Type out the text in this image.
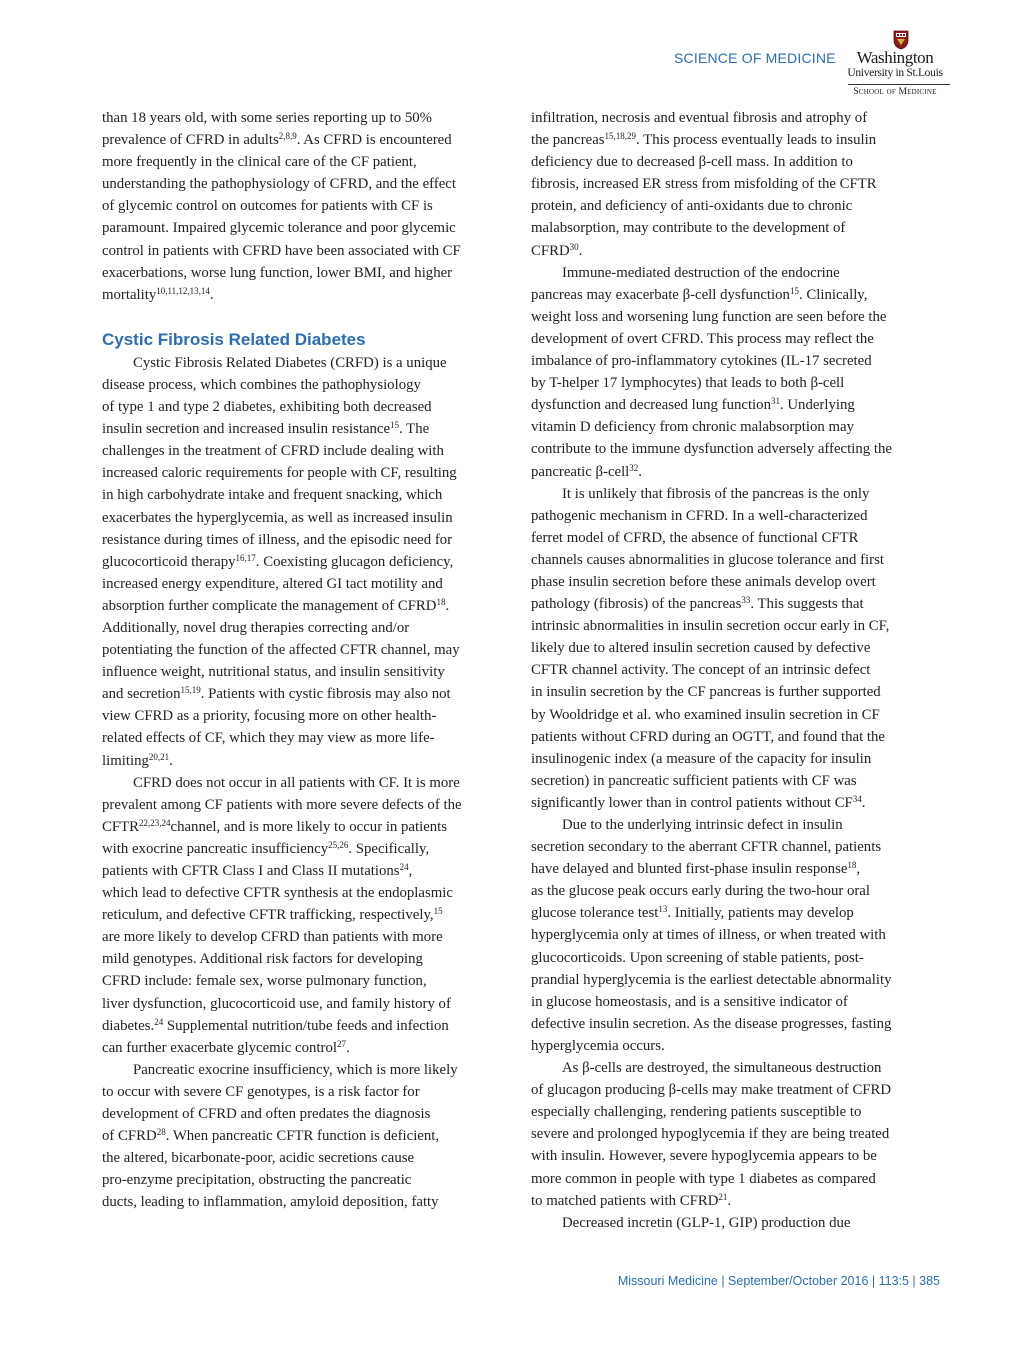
SCIENCE OF MEDICINE	Washington
University in St.Louis
School of Medicine

than 18 years old, with some series reporting up to 50%

prevalence of CFRD in adults$^{2,8,9}$. As CFRD is encountered

more frequently in the clinical care of the CF patient,

understanding the pathophysiology of CFRD, and the effect

of glycemic control on outcomes for patients with CF is

paramount. Impaired glycemic tolerance and poor glycemic

control in patients with CFRD have been associated with CF

exacerbations, worse lung function, lower BMI, and higher

mortality$^{10,11,12,13,14}$.

Cystic Fibrosis Related Diabetes

Cystic Fibrosis Related Diabetes (CRFD) is a unique

disease process, which combines the pathophysiology

of type 1 and type 2 diabetes, exhibiting both decreased

insulin secretion and increased insulin resistance$^{15}$. The

challenges in the treatment of CFRD include dealing with

increased caloric requirements for people with CF, resulting

in high carbohydrate intake and frequent snacking, which

exacerbates the hyperglycemia, as well as increased insulin

resistance during times of illness, and the episodic need for

glucocorticoid therapy$^{16,17}$. Coexisting glucagon deficiency,

increased energy expenditure, altered GI tact motility and

absorption further complicate the management of CFRD$^{18}$.

Additionally, novel drug therapies correcting and/or

potentiating the function of the affected CFTR channel, may

influence weight, nutritional status, and insulin sensitivity

and secretion$^{15,19}$. Patients with cystic fibrosis may also not

view CFRD as a priority, focusing more on other health-

related effects of CF, which they may view as more life-

limiting$^{20,21}$.

CFRD does not occur in all patients with CF. It is more

prevalent among CF patients with more severe defects of the

CFTR$^{22,23,24}$channel, and is more likely to occur in patients

with exocrine pancreatic insufficiency$^{25,26}$. Specifically,

patients with CFTR Class I and Class II mutations$^{24}$,

which lead to defective CFTR synthesis at the endoplasmic

reticulum, and defective CFTR trafficking, respectively,$^{15}$

are more likely to develop CFRD than patients with more

mild genotypes. Additional risk factors for developing

CFRD include: female sex, worse pulmonary function,

liver dysfunction, glucocorticoid use, and family history of

diabetes.$^{24}$ Supplemental nutrition/tube feeds and infection

can further exacerbate glycemic control$^{27}$.

Pancreatic exocrine insufficiency, which is more likely

to occur with severe CF genotypes, is a risk factor for

development of CFRD and often predates the diagnosis

of CFRD$^{28}$. When pancreatic CFTR function is deficient,

the altered, bicarbonate-poor, acidic secretions cause

pro-enzyme precipitation, obstructing the pancreatic

ducts, leading to inflammation, amyloid deposition, fatty

infiltration, necrosis and eventual fibrosis and atrophy of

the pancreas$^{15,18,29}$. This process eventually leads to insulin

deficiency due to decreased β-cell mass. In addition to

fibrosis, increased ER stress from misfolding of the CFTR

protein, and deficiency of anti-oxidants due to chronic

malabsorption, may contribute to the development of

CFRD$^{30}$.

Immune-mediated destruction of the endocrine

pancreas may exacerbate β-cell dysfunction$^{15}$. Clinically,

weight loss and worsening lung function are seen before the

development of overt CFRD. This process may reflect the

imbalance of pro-inflammatory cytokines (IL-17 secreted

by T-helper 17 lymphocytes) that leads to both β-cell

dysfunction and decreased lung function$^{31}$. Underlying

vitamin D deficiency from chronic malabsorption may

contribute to the immune dysfunction adversely affecting the

pancreatic β-cell$^{32}$.

It is unlikely that fibrosis of the pancreas is the only

pathogenic mechanism in CFRD. In a well-characterized

ferret model of CFRD, the absence of functional CFTR

channels causes abnormalities in glucose tolerance and first

phase insulin secretion before these animals develop overt

pathology (fibrosis) of the pancreas$^{33}$. This suggests that

intrinsic abnormalities in insulin secretion occur early in CF,

likely due to altered insulin secretion caused by defective

CFTR channel activity. The concept of an intrinsic defect

in insulin secretion by the CF pancreas is further supported

by Wooldridge et al. who examined insulin secretion in CF

patients without CFRD during an OGTT, and found that the

insulinogenic index (a measure of the capacity for insulin

secretion) in pancreatic sufficient patients with CF was

significantly lower than in control patients without CF$^{34}$.

Due to the underlying intrinsic defect in insulin

secretion secondary to the aberrant CFTR channel, patients

have delayed and blunted first-phase insulin response$^{18}$,

as the glucose peak occurs early during the two-hour oral

glucose tolerance test$^{13}$. Initially, patients may develop

hyperglycemia only at times of illness, or when treated with

glucocorticoids. Upon screening of stable patients, post-

prandial hyperglycemia is the earliest detectable abnormality

in glucose homeostasis, and is a sensitive indicator of

defective insulin secretion. As the disease progresses, fasting

hyperglycemia occurs.

As β-cells are destroyed, the simultaneous destruction

of glucagon producing β-cells may make treatment of CFRD

especially challenging, rendering patients susceptible to

severe and prolonged hypoglycemia if they are being treated

with insulin. However, severe hypoglycemia appears to be

more common in people with type 1 diabetes as compared

to matched patients with CFRD$^{21}$.

Decreased incretin (GLP-1, GIP) production due

Missouri Medicine | September/October 2016 | 113:5 | 385
